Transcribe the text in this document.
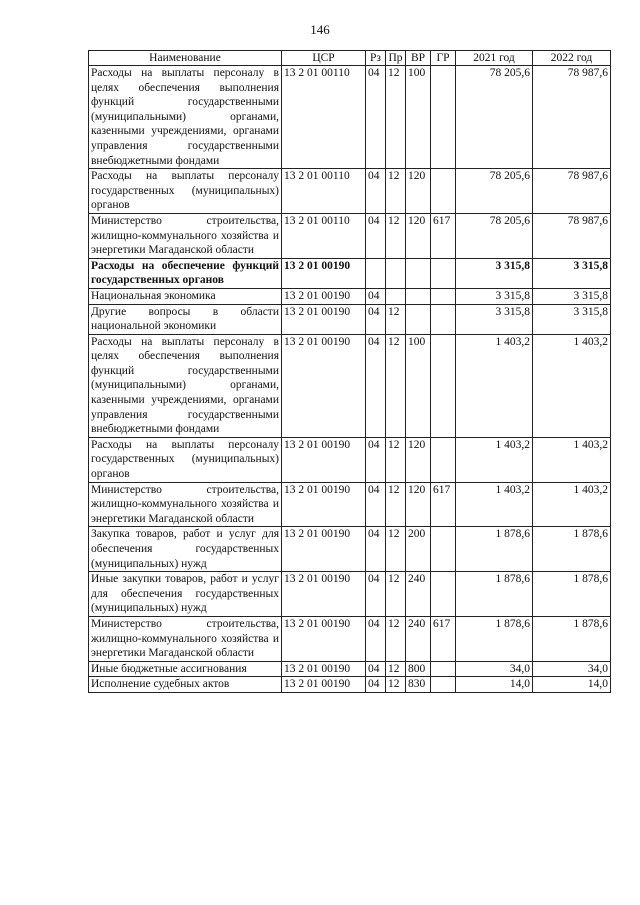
146
Наименование	ЦСР	Рз	Пр	ВР	ГР	2021 год	2022 год
Расходы на выплаты персоналу в целях обеспечения выполнения функций государственными (муниципальными) органами, казенными учреждениями, органами управления государственными внебюджетными фондами	13 2 01 00110	04	12	100		78 205,6	78 987,6
Расходы на выплаты персоналу государственных (муниципальных) органов	13 2 01 00110	04	12	120		78 205,6	78 987,6
Министерство строительства, жилищно-коммунального хозяйства и энергетики Магаданской области	13 2 01 00110	04	12	120	617	78 205,6	78 987,6
Расходы на обеспечение функций государственных органов	13 2 01 00190					3 315,8	3 315,8
Национальная экономика	13 2 01 00190	04				3 315,8	3 315,8
Другие вопросы в области национальной экономики	13 2 01 00190	04	12			3 315,8	3 315,8
Расходы на выплаты персоналу в целях обеспечения выполнения функций государственными (муниципальными) органами, казенными учреждениями, органами управления государственными внебюджетными фондами	13 2 01 00190	04	12	100		1 403,2	1 403,2
Расходы на выплаты персоналу государственных (муниципальных) органов	13 2 01 00190	04	12	120		1 403,2	1 403,2
Министерство строительства, жилищно-коммунального хозяйства и энергетики Магаданской области	13 2 01 00190	04	12	120	617	1 403,2	1 403,2
Закупка товаров, работ и услуг для обеспечения государственных (муниципальных) нужд	13 2 01 00190	04	12	200		1 878,6	1 878,6
Иные закупки товаров, работ и услуг для обеспечения государственных (муниципальных) нужд	13 2 01 00190	04	12	240		1 878,6	1 878,6
Министерство строительства, жилищно-коммунального хозяйства и энергетики Магаданской области	13 2 01 00190	04	12	240	617	1 878,6	1 878,6
Иные бюджетные ассигнования	13 2 01 00190	04	12	800		34,0	34,0
Исполнение судебных актов	13 2 01 00190	04	12	830		14,0	14,0
